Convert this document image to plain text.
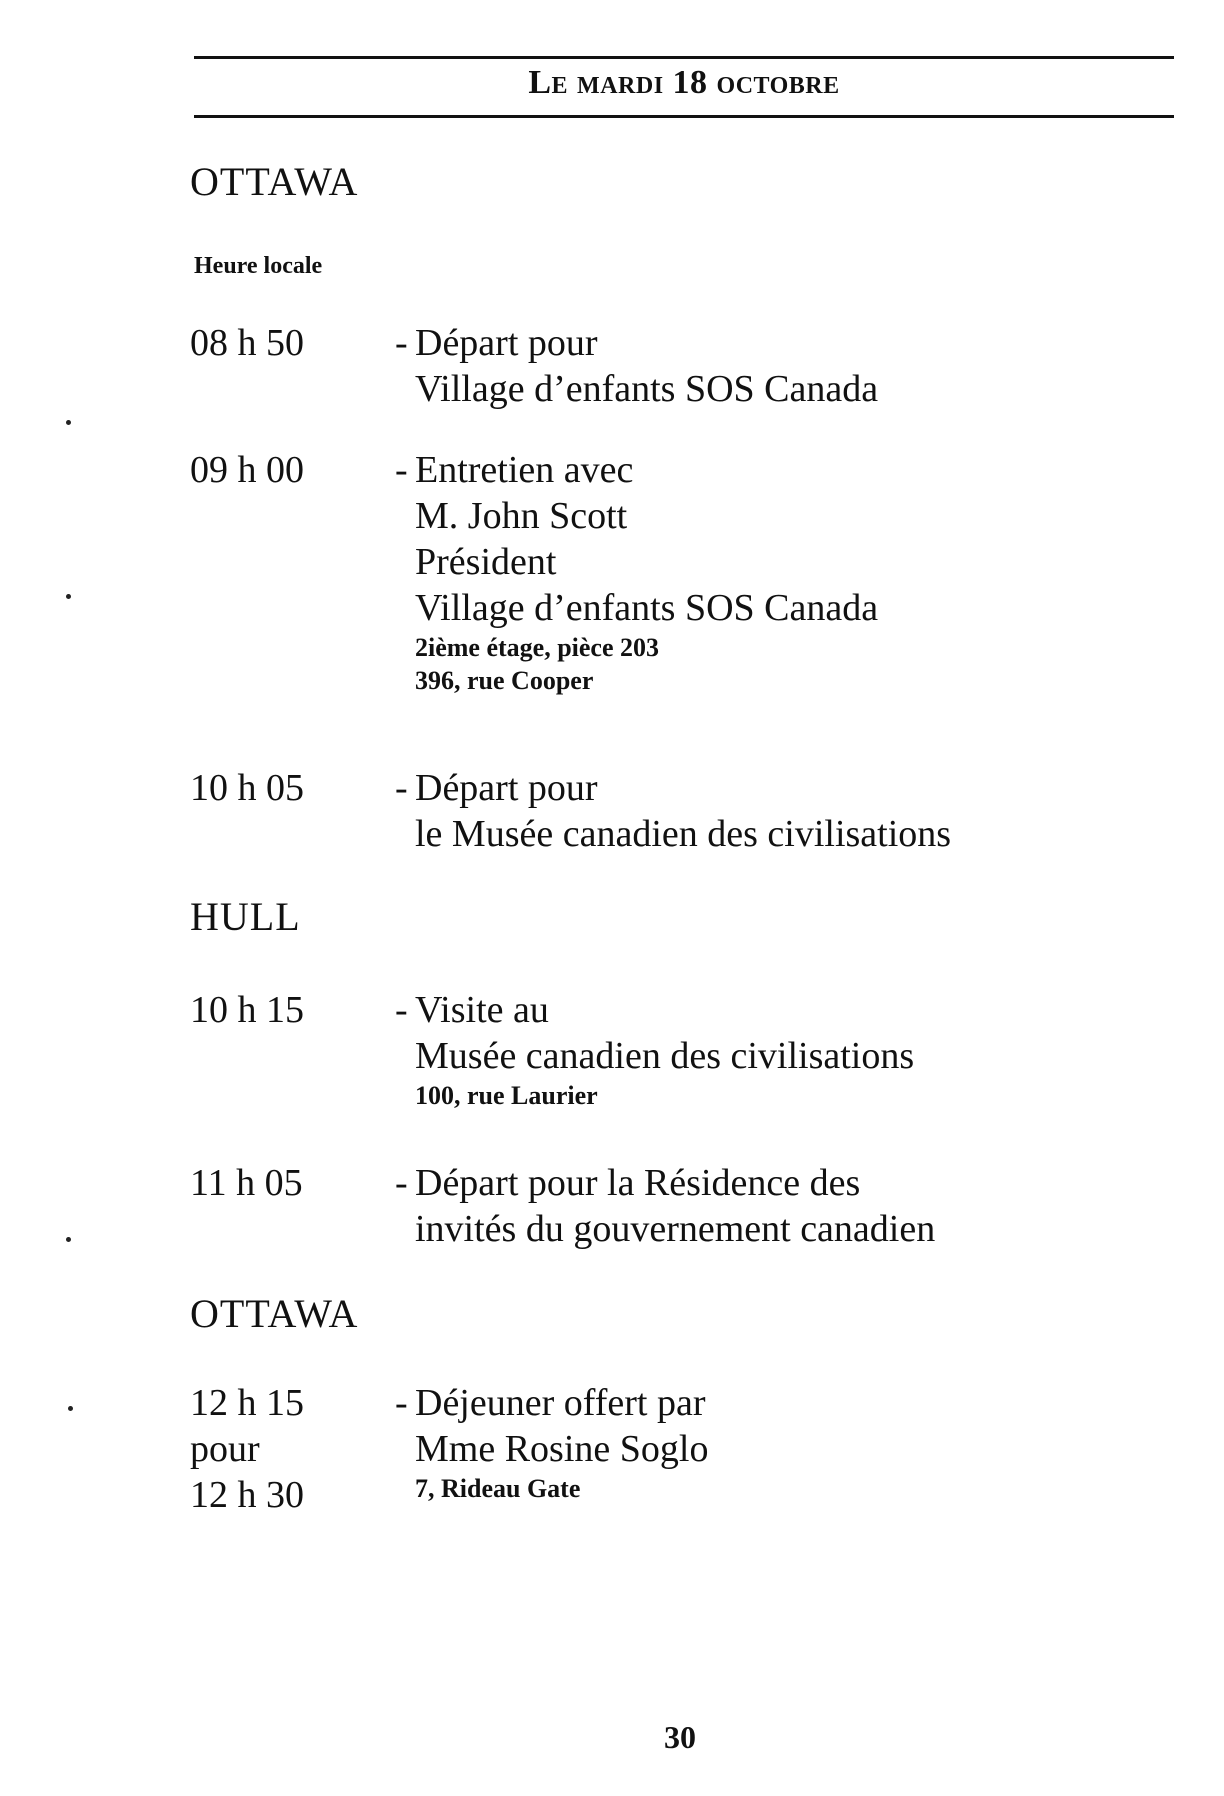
Le mardi 18 octobre
OTTAWA
Heure locale
08 h 50 - Départ pour
Village d’enfants SOS Canada
09 h 00 - Entretien avec
M. John Scott
Président
Village d’enfants SOS Canada
2ième étage, pièce 203
396, rue Cooper
10 h 05 - Départ pour
le Musée canadien des civilisations
HULL
10 h 15 - Visite au
Musée canadien des civilisations
100, rue Laurier
11 h 05 - Départ pour la Résidence des
invités du gouvernement canadien
OTTAWA
12 h 15
pour
12 h 30
- Déjeuner offert par
Mme Rosine Soglo
7, Rideau Gate
30
